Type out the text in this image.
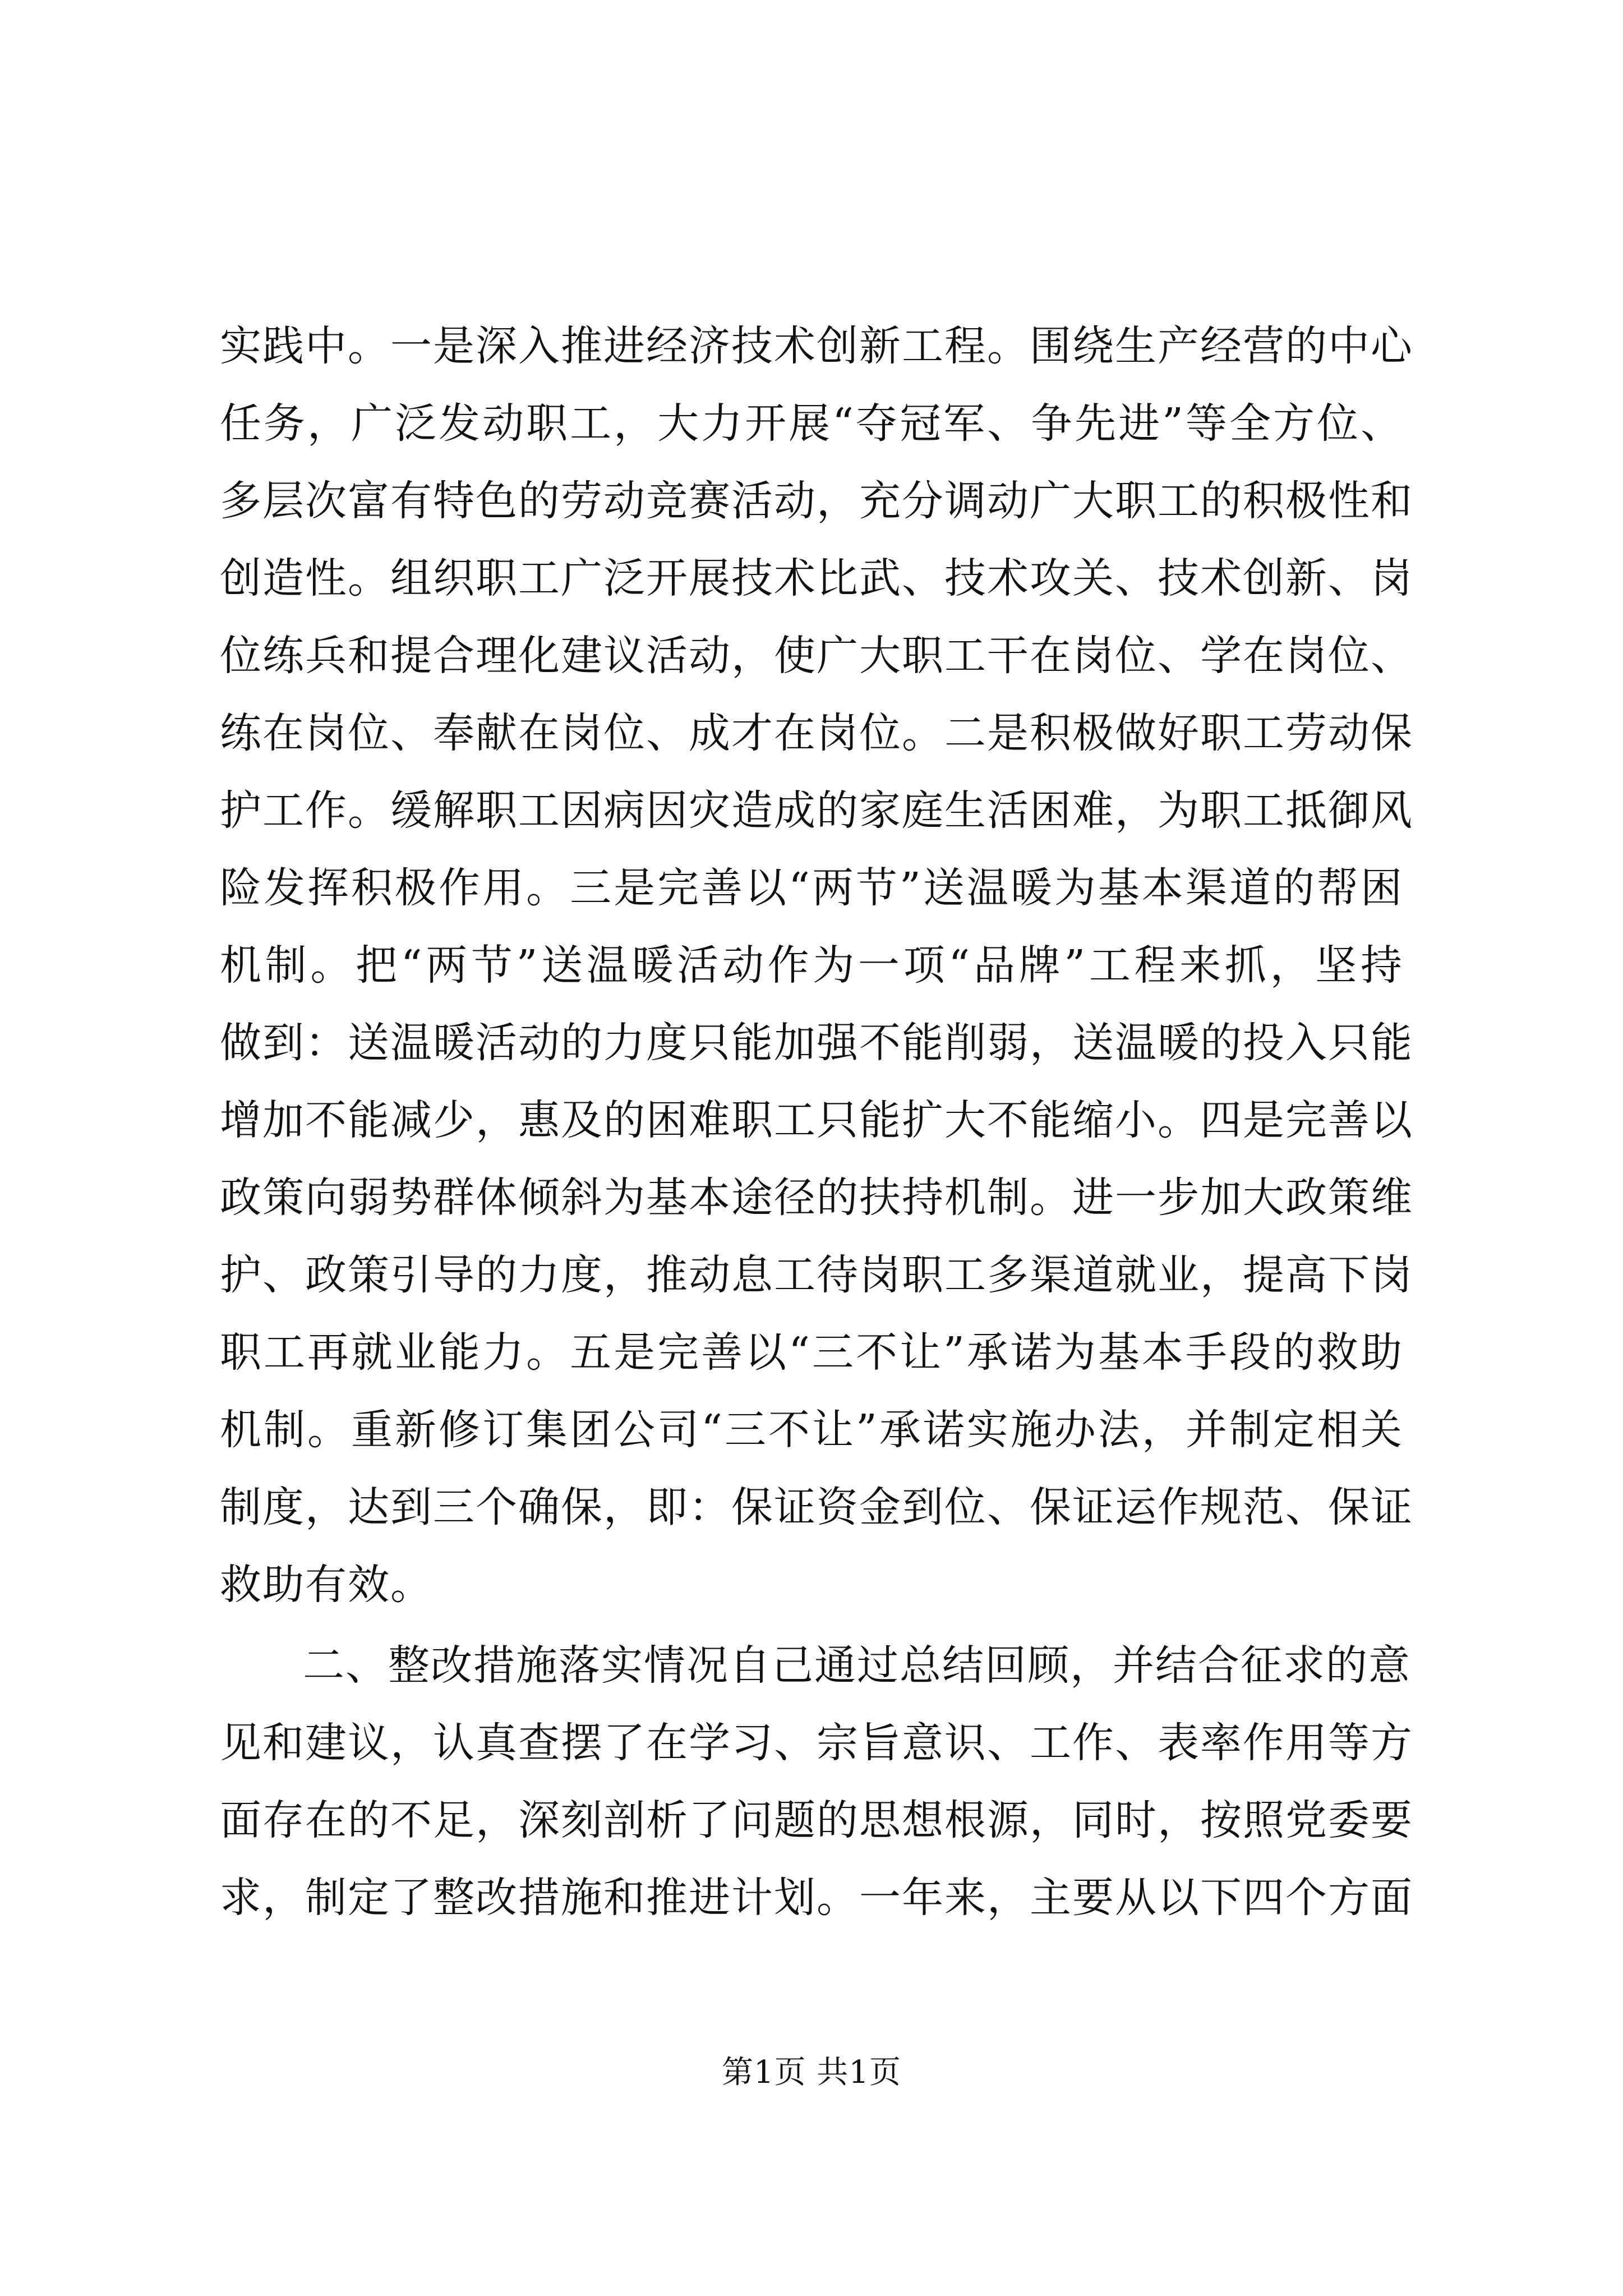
实践中。一是深入推进经济技术创新工程。围绕生产经营的中心
任务，广泛发动职工，大力开展“夺冠军、争先进”等全方位、
多层次富有特色的劳动竞赛活动，充分调动广大职工的积极性和
创造性。组织职工广泛开展技术比武、技术攻关、技术创新、岗
位练兵和提合理化建议活动，使广大职工干在岗位、学在岗位、
练在岗位、奉献在岗位、成才在岗位。二是积极做好职工劳动保
护工作。缓解职工因病因灾造成的家庭生活困难，为职工抵御风
险发挥积极作用。三是完善以“两节”送温暖为基本渠道的帮困
机制。把“两节”送温暖活动作为一项“品牌”工程来抓，坚持
做到：送温暖活动的力度只能加强不能削弱，送温暖的投入只能
增加不能减少，惠及的困难职工只能扩大不能缩小。四是完善以
政策向弱势群体倾斜为基本途径的扶持机制。进一步加大政策维
护、政策引导的力度，推动息工待岗职工多渠道就业，提高下岗
职工再就业能力。五是完善以“三不让”承诺为基本手段的救助
机制。重新修订集团公司“三不让”承诺实施办法，并制定相关
制度，达到三个确保，即：保证资金到位、保证运作规范、保证
救助有效。
二、整改措施落实情况自己通过总结回顾，并结合征求的意
见和建议，认真查摆了在学习、宗旨意识、工作、表率作用等方
面存在的不足，深刻剖析了问题的思想根源，同时，按照党委要
求，制定了整改措施和推进计划。一年来，主要从以下四个方面
第1页 共1页
